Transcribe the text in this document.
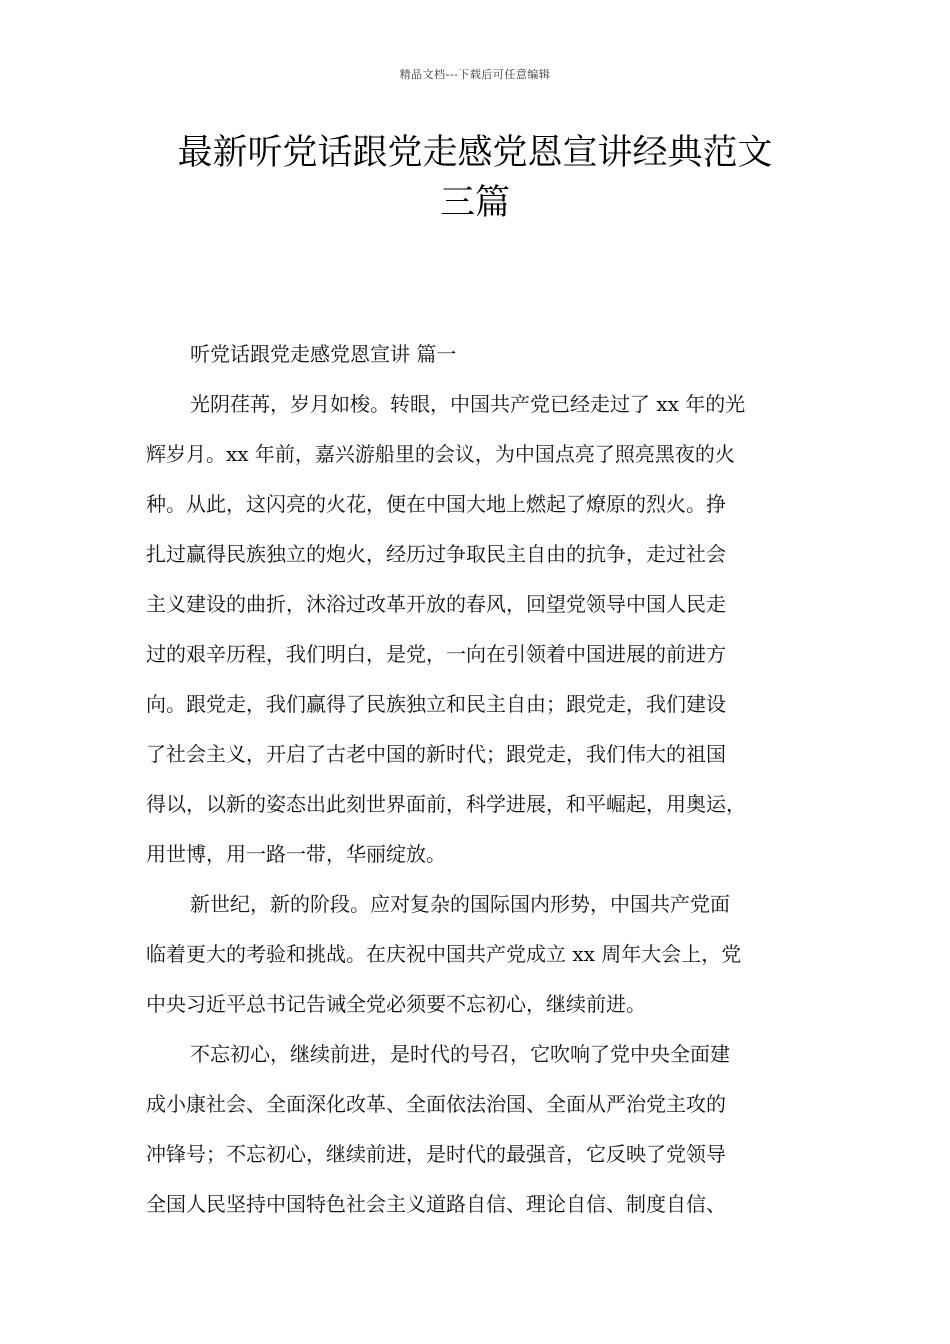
精品文档---下载后可任意编辑
最新听党话跟党走感党恩宣讲经典范文
三篇

听党话跟党走感党恩宣讲 篇一

光阴荏苒，岁月如梭。转眼，中国共产党已经走过了 xx 年的光
辉岁月。xx 年前，嘉兴游船里的会议，为中国点亮了照亮黑夜的火
种。从此，这闪亮的火花，便在中国大地上燃起了燎原的烈火。挣
扎过赢得民族独立的炮火，经历过争取民主自由的抗争，走过社会
主义建设的曲折，沐浴过改革开放的春风，回望党领导中国人民走
过的艰辛历程，我们明白，是党，一向在引领着中国进展的前进方
向。跟党走，我们赢得了民族独立和民主自由；跟党走，我们建设
了社会主义，开启了古老中国的新时代；跟党走，我们伟大的祖国
得以，以新的姿态出此刻世界面前，科学进展，和平崛起，用奥运，
用世博，用一路一带，华丽绽放。

新世纪，新的阶段。应对复杂的国际国内形势，中国共产党面
临着更大的考验和挑战。在庆祝中国共产党成立 xx 周年大会上，党
中央习近平总书记告诫全党必须要不忘初心，继续前进。

不忘初心，继续前进，是时代的号召，它吹响了党中央全面建
成小康社会、全面深化改革、全面依法治国、全面从严治党主攻的
冲锋号；不忘初心，继续前进，是时代的最强音，它反映了党领导
全国人民坚持中国特色社会主义道路自信、理论自信、制度自信、
